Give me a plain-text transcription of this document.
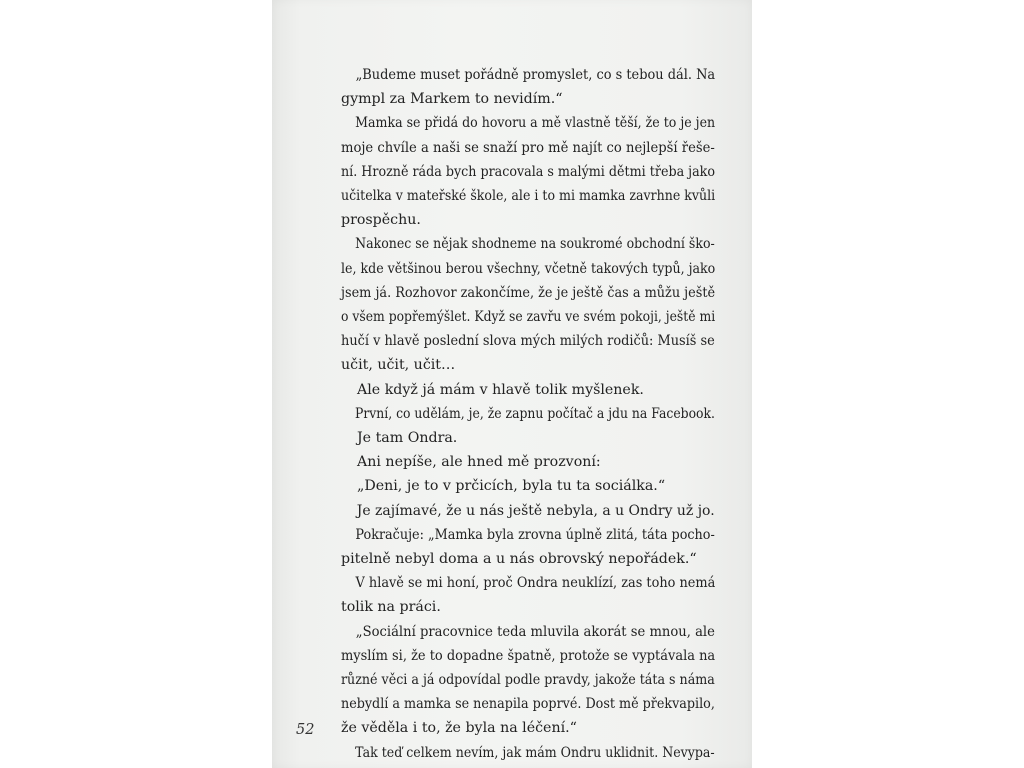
„Budeme muset pořádně promyslet, co s tebou dál. Na
gympl za Markem to nevidím.“
Mamka se přidá do hovoru a mě vlastně těší, že to je jen
moje chvíle a naši se snaží pro mě najít co nejlepší řeše-
ní. Hrozně ráda bych pracovala s malými dětmi třeba jako
učitelka v mateřské škole, ale i to mi mamka zavrhne kvůli
prospěchu.
Nakonec se nějak shodneme na soukromé obchodní ško-
le, kde většinou berou všechny, včetně takových typů, jako
jsem já. Rozhovor zakončíme, že je ještě čas a můžu ještě
o všem popřemýšlet. Když se zavřu ve svém pokoji, ještě mi
hučí v hlavě poslední slova mých milých rodičů: Musíš se
učit, učit, učit…
Ale když já mám v hlavě tolik myšlenek.
První, co udělám, je, že zapnu počítač a jdu na Facebook.
Je tam Ondra.
Ani nepíše, ale hned mě prozvoní:
„Deni, je to v prčicích, byla tu ta sociálka.“
Je zajímavé, že u nás ještě nebyla, a u Ondry už jo.
Pokračuje: „Mamka byla zrovna úplně zlitá, táta pocho-
pitelně nebyl doma a u nás obrovský nepořádek.“
V hlavě se mi honí, proč Ondra neuklízí, zas toho nemá
tolik na práci.
„Sociální pracovnice teda mluvila akorát se mnou, ale
myslím si, že to dopadne špatně, protože se vyptávala na
různé věci a já odpovídal podle pravdy, jakože táta s náma
nebydlí a mamka se nenapila poprvé. Dost mě překvapilo,
že věděla i to, že byla na léčení.“
Tak teď celkem nevím, jak mám Ondru uklidnit. Nevypa-
52
